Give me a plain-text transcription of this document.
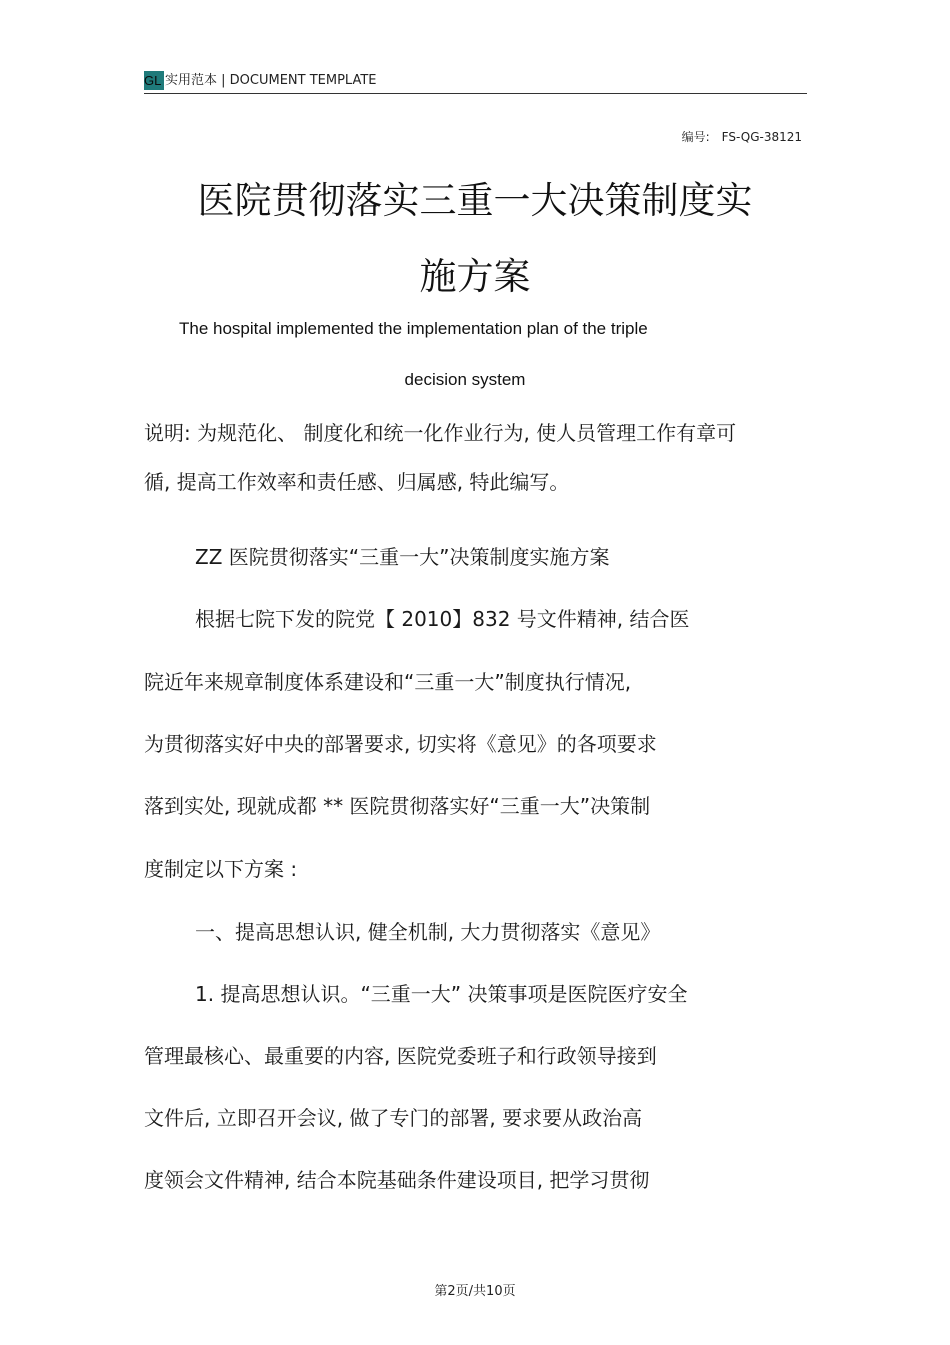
GL 实用范本 | DOCUMENT TEMPLATE
编号: FS-QG-38121
医院贯彻落实三重一大决策制度实
施方案
The hospital implemented the implementation plan of the triple
decision system
说明: 为规范化、 制度化和统一化作业行为, 使人员管理工作有章可
循, 提高工作效率和责任感、归属感, 特此编写。
ZZ 医院贯彻落实“三重一大”决策制度实施方案
根据七院下发的院党【 2010】832 号文件精神, 结合医
院近年来规章制度体系建设和“三重一大”制度执行情况,
为贯彻落实好中央的部署要求, 切实将《意见》的各项要求
落到实处, 现就成都 ** 医院贯彻落实好“三重一大”决策制
度制定以下方案 :
一、提高思想认识, 健全机制, 大力贯彻落实《意见》
1. 提高思想认识。“三重一大” 决策事项是医院医疗安全
管理最核心、最重要的内容, 医院党委班子和行政领导接到
文件后, 立即召开会议, 做了专门的部署, 要求要从政治高
度领会文件精神, 结合本院基础条件建设项目, 把学习贯彻
第2页/共10页
